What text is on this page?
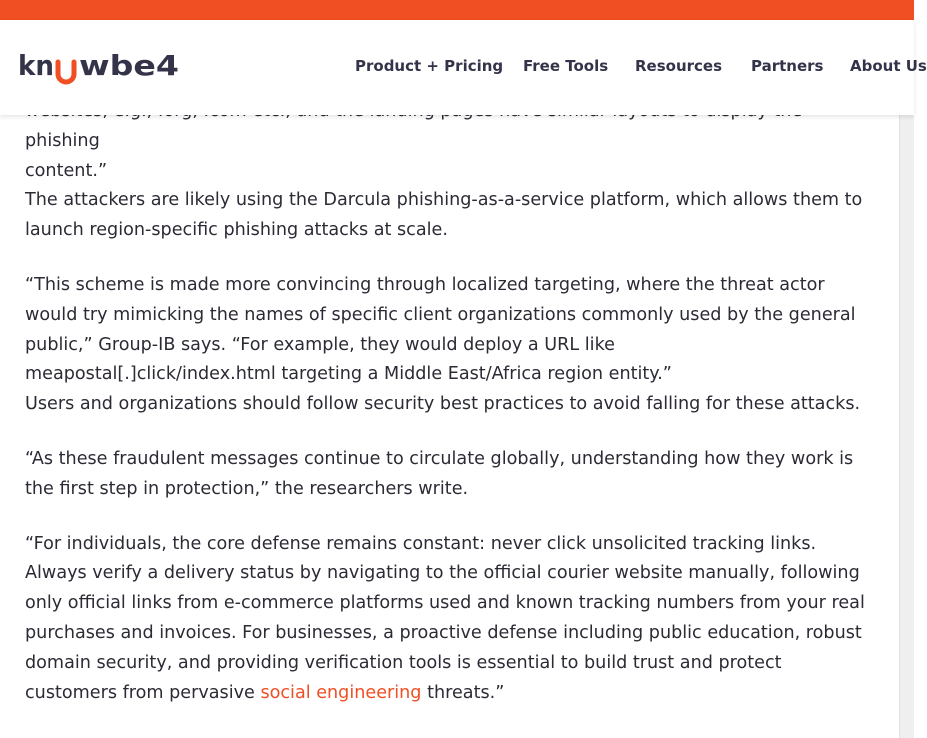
phishing
content.”

The attackers are likely using the Darcula phishing-as-a-service platform, which allows them to launch region-specific phishing attacks at scale.

“This scheme is made more convincing through localized targeting, where the threat actor would try mimicking the names of specific client organizations commonly used by the general public,” Group-IB says. “For example, they would deploy a URL like meapostal[.]click/index.html targeting a Middle East/Africa region entity.”

Users and organizations should follow security best practices to avoid falling for these attacks.

“As these fraudulent messages continue to circulate globally, understanding how they work is the first step in protection,” the researchers write.

“For individuals, the core defense remains constant: never click unsolicited tracking links. Always verify a delivery status by navigating to the official courier website manually, following only official links from e-commerce platforms used and known tracking numbers from your real purchases and invoices. For businesses, a proactive defense including public education, robust domain security, and providing verification tools is essential to build trust and protect customers from pervasive social engineering threats.”

kn wbe4	Product + Pricing Free Tools Resources Partners About Us
